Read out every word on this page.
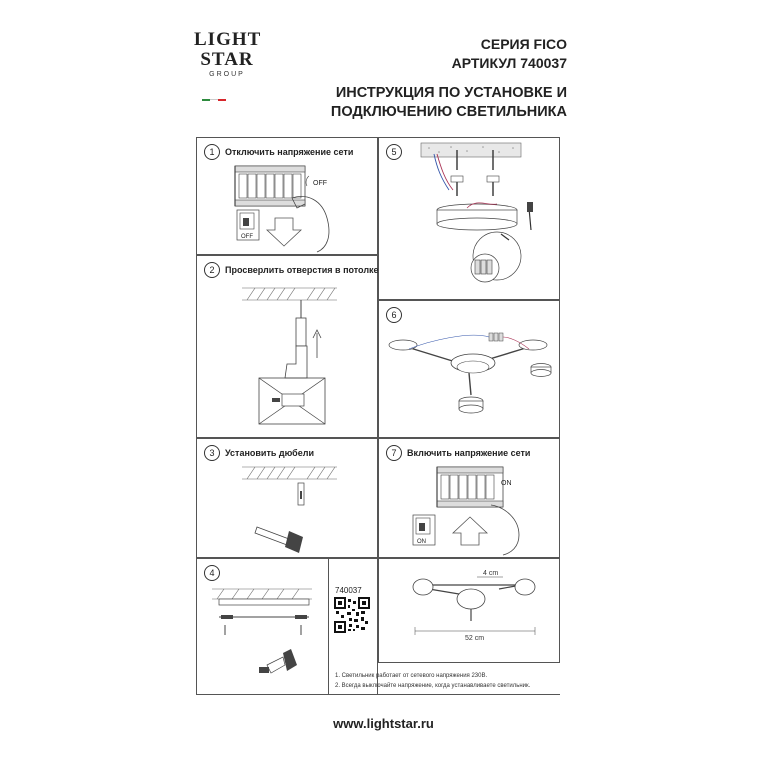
LIGHT
STAR
GROUP
СЕРИЯ FICO
АРТИКУЛ 740037
ИНСТРУКЦИЯ ПО УСТАНОВКЕ И
ПОДКЛЮЧЕНИЮ СВЕТИЛЬНИКА
1	Отключить напряжение сети
OFF
OFF
2	Просверлить отверстия в потолке
3	Установить дюбели
4
740037
5
6
7	Включить напряжение сети
ON
ON
4 cm
52 cm
1. Светильник работает от сетевого напряжения 230В.
2. Всегда выключайте напряжение, когда устанавливаете светильник.
www.lightstar.ru
